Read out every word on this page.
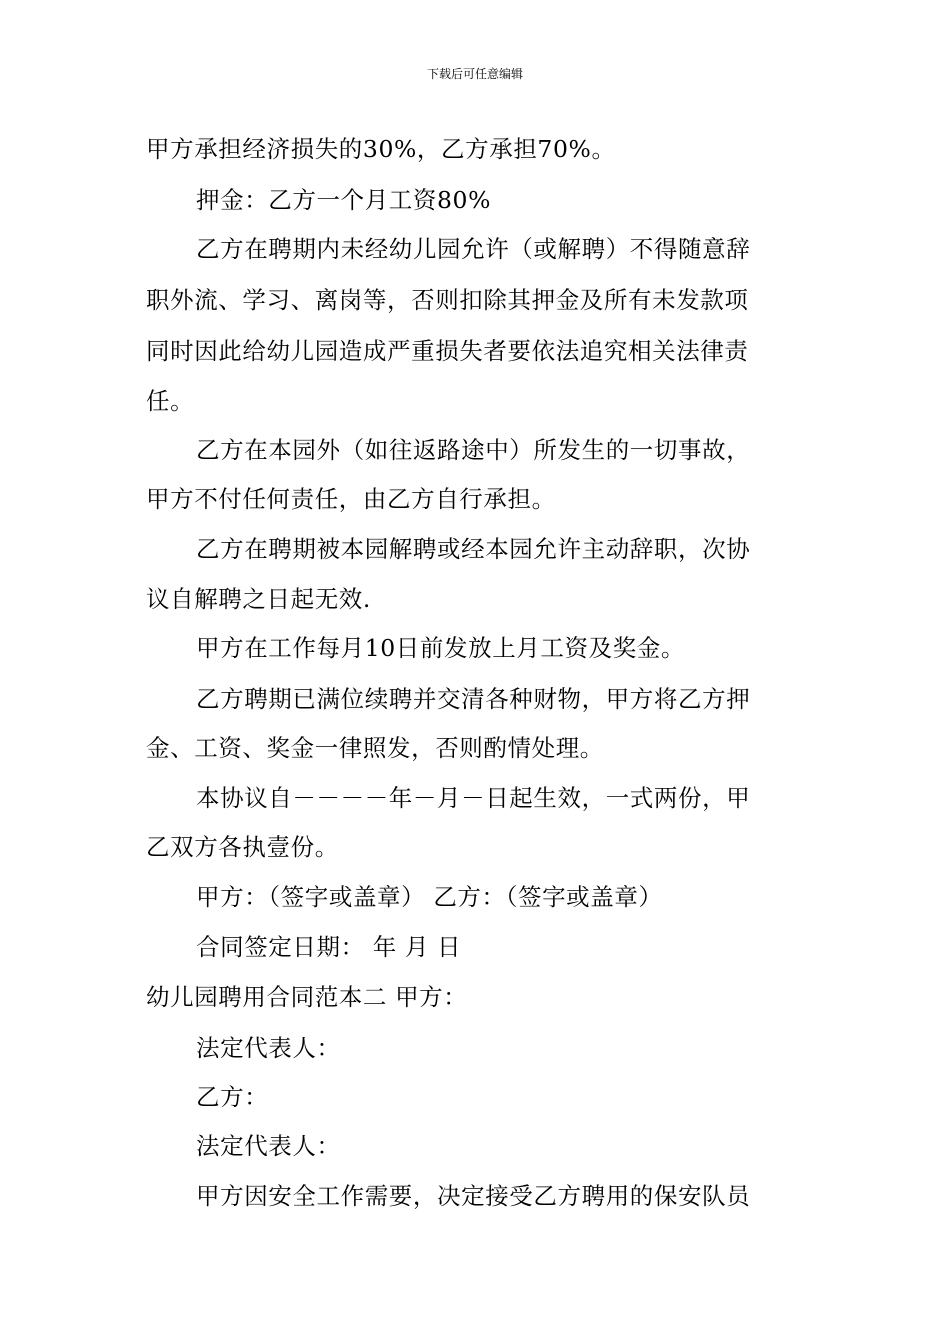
下载后可任意编辑
甲方承担经济损失的30%，乙方承担70%。
押金：乙方一个月工资80%
乙方在聘期内未经幼儿园允许（或解聘）不得随意辞
职外流、学习、离岗等，否则扣除其押金及所有未发款项
同时因此给幼儿园造成严重损失者要依法追究相关法律责
任。
乙方在本园外（如往返路途中）所发生的一切事故，
甲方不付任何责任，由乙方自行承担。
乙方在聘期被本园解聘或经本园允许主动辞职，次协
议自解聘之日起无效.
甲方在工作每月10日前发放上月工资及奖金。
乙方聘期已满位续聘并交清各种财物，甲方将乙方押
金、工资、奖金一律照发，否则酌情处理。
本协议自－－－－年－月－日起生效，一式两份，甲
乙双方各执壹份。
甲方：（签字或盖章） 乙方：（签字或盖章）
合同签定日期： 年 月 日
幼儿园聘用合同范本二 甲方：
法定代表人：
乙方：
法定代表人：
甲方因安全工作需要，决定接受乙方聘用的保安队员
